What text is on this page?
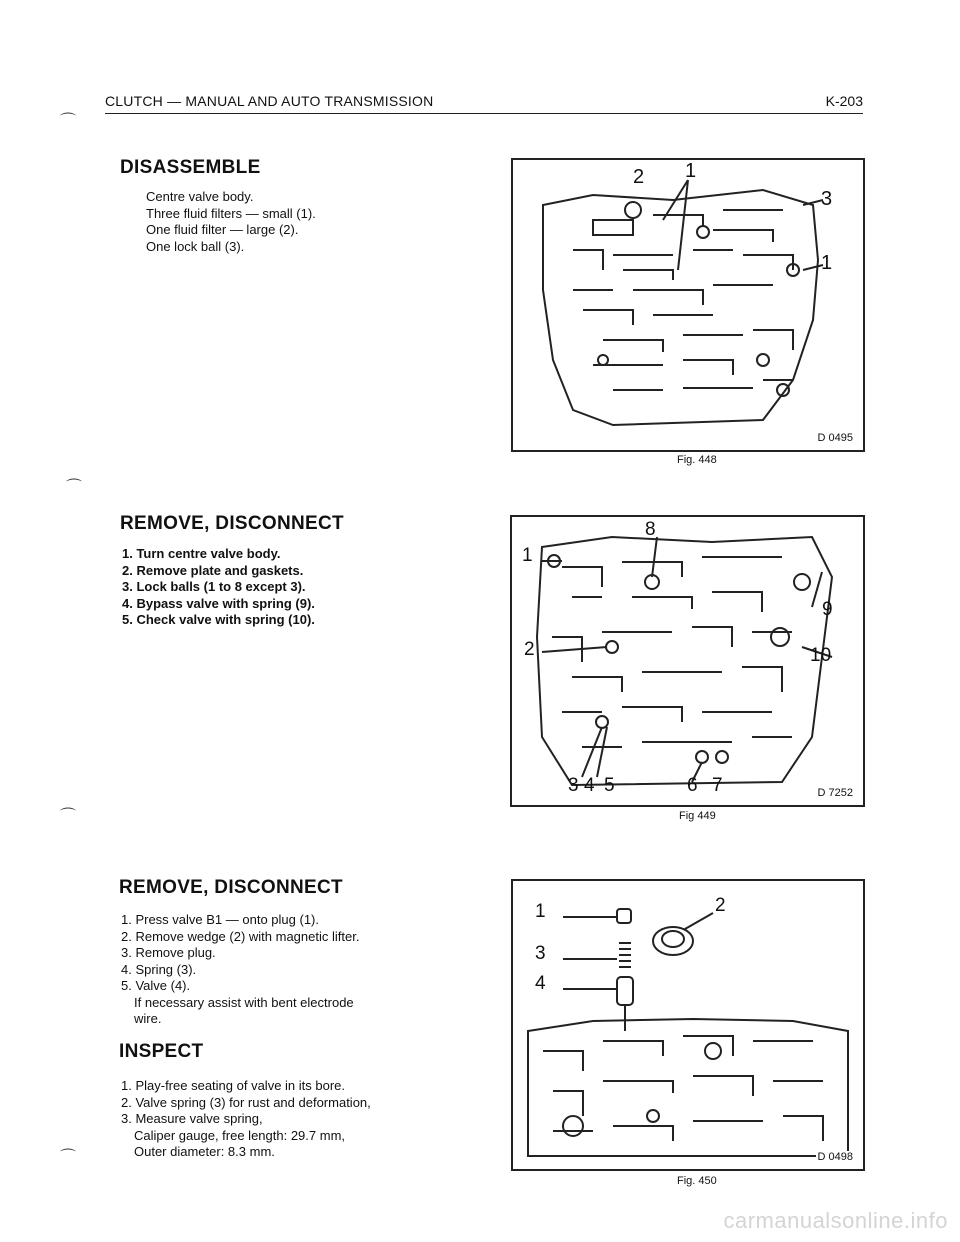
CLUTCH — MANUAL AND AUTO TRANSMISSION	K-203
⌒
⌒
⌒
⌒
DISASSEMBLE
Centre valve body.
Three fluid filters — small (1).
One fluid filter — large (2).
One lock ball (3).
REMOVE, DISCONNECT
1. Turn centre valve body.
2. Remove plate and gaskets.
3. Lock balls (1 to 8 except 3).
4. Bypass valve with spring (9).
5. Check valve with spring (10).
REMOVE, DISCONNECT
1. Press valve B1 — onto plug (1).
2. Remove wedge (2) with magnetic lifter.
3. Remove plug.
4. Spring (3).
5. Valve (4).
If necessary assist with bent electrode
wire.
INSPECT
1. Play-free seating of valve in its bore.
2. Valve spring (3) for rust and deformation,
3. Measure valve spring,
Caliper gauge, free length: 29.7 mm,
Outer diameter: 8.3 mm.
2 1
3
1
D 0495
Fig. 448
8
1
9
2	10
3 4 5	6 7	D 7252
Fig 449
1	2
3
4
D 0498
Fig. 450
carmanualsonline.info
